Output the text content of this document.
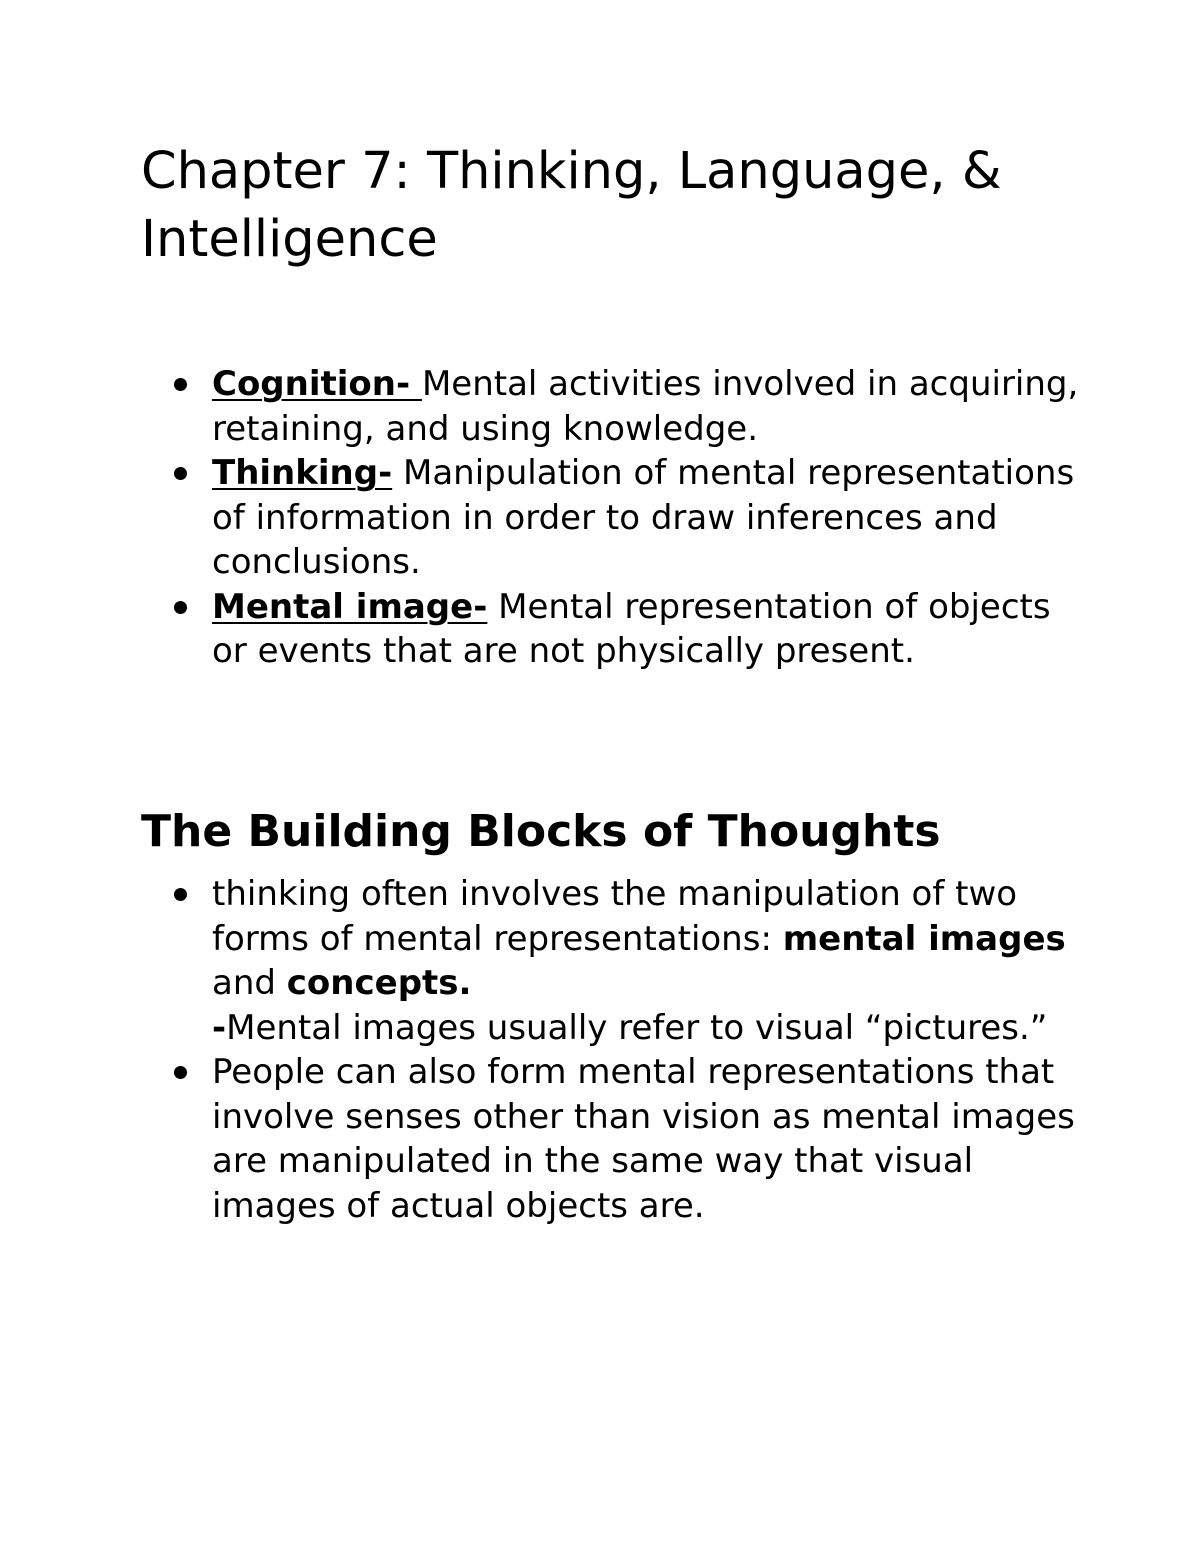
Chapter 7: Thinking, Language, & Intelligence
Cognition- Mental activities involved in acquiring, retaining, and using knowledge.
Thinking- Manipulation of mental representations of information in order to draw inferences and conclusions.
Mental image- Mental representation of objects or events that are not physically present.
The Building Blocks of Thoughts
thinking often involves the manipulation of two forms of mental representations: mental images and concepts.
-Mental images usually refer to visual “pictures.”
People can also form mental representations that involve senses other than vision as mental images are manipulated in the same way that visual images of actual objects are.
